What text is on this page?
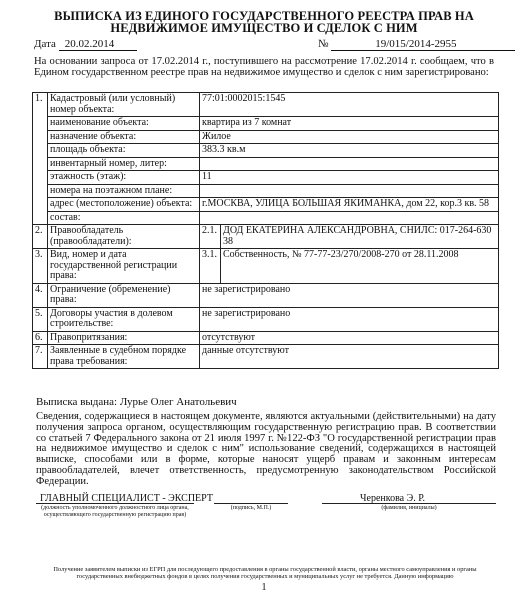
ВЫПИСКА ИЗ ЕДИНОГО ГОСУДАРСТВЕННОГО РЕЕСТРА ПРАВ НА
НЕДВИЖИМОЕ ИМУЩЕСТВО И СДЕЛОК С НИМ
Дата 20.02.2014	№	19/015/2014-2955
На основании запроса от 17.02.2014 г., поступившего на рассмотрение 17.02.2014 г. сообщаем, что в Едином государственном реестре прав на недвижимое имущество и сделок с ним зарегистрировано:
1.	Кадастровый (или условный) номер объекта:	77:01:0002015:1545	
	наименование объекта:	квартира из 7 комнат	
	назначение объекта:	Жилое	
	площадь объекта:	383.3 кв.м	
	инвентарный номер, литер:		
	этажность (этаж):	11	
	номера на поэтажном плане:		
	адрес (местоположение) объекта:	г.МОСКВА, УЛИЦА БОЛЬШАЯ ЯКИМАНКА, дом 22, кор.3 кв. 58	
	состав:		
2.	Правообладатель (правообладатели):	2.1.	ДОД ЕКАТЕРИНА АЛЕКСАНДРОВНА, СНИЛС: 017-264-630 38
3.	Вид, номер и дата государственной регистрации права:	3.1.	Собственность, № 77-77-23/270/2008-270 от 28.11.2008
4.	Ограничение (обременение) права:	не зарегистрировано	
5.	Договоры участия в долевом строительстве:	не зарегистрировано	
6.	Правопритязания:	отсутствуют	
7.	Заявленные в судебном порядке права требования:	данные отсутствуют	
Выписка выдана: Лурье Олег Анатольевич
Сведения, содержащиеся в настоящем документе, являются актуальными (действительными) на дату получения запроса органом, осуществляющим государственную регистрацию прав. В соответствии со статьей 7 Федерального закона от 21 июля 1997 г. №122-ФЗ "О государственной регистрации прав на недвижимое имущество и сделок с ним" использование сведений, содержащихся в настоящей выписке, способами или в форме, которые наносят ущерб правам и законным интересам правообладателей, влечет ответственность, предусмотренную законодательством Российской Федерации.
ГЛАВНЫЙ СПЕЦИАЛИСТ - ЭКСПЕРТ	Черенкова Э. Р.
(должность уполномоченного должностного лица органа, осуществляющего государственную регистрацию прав)
(подпись, М.П.)	(фамилия, инициалы)
Получение заявителем выписки из ЕГРП для последующего предоставления в органы государственной власти, органы местного самоуправления и органы государственных внебюджетных фондов в целях получения государственных и муниципальных услуг не требуется. Данную информацию
1
